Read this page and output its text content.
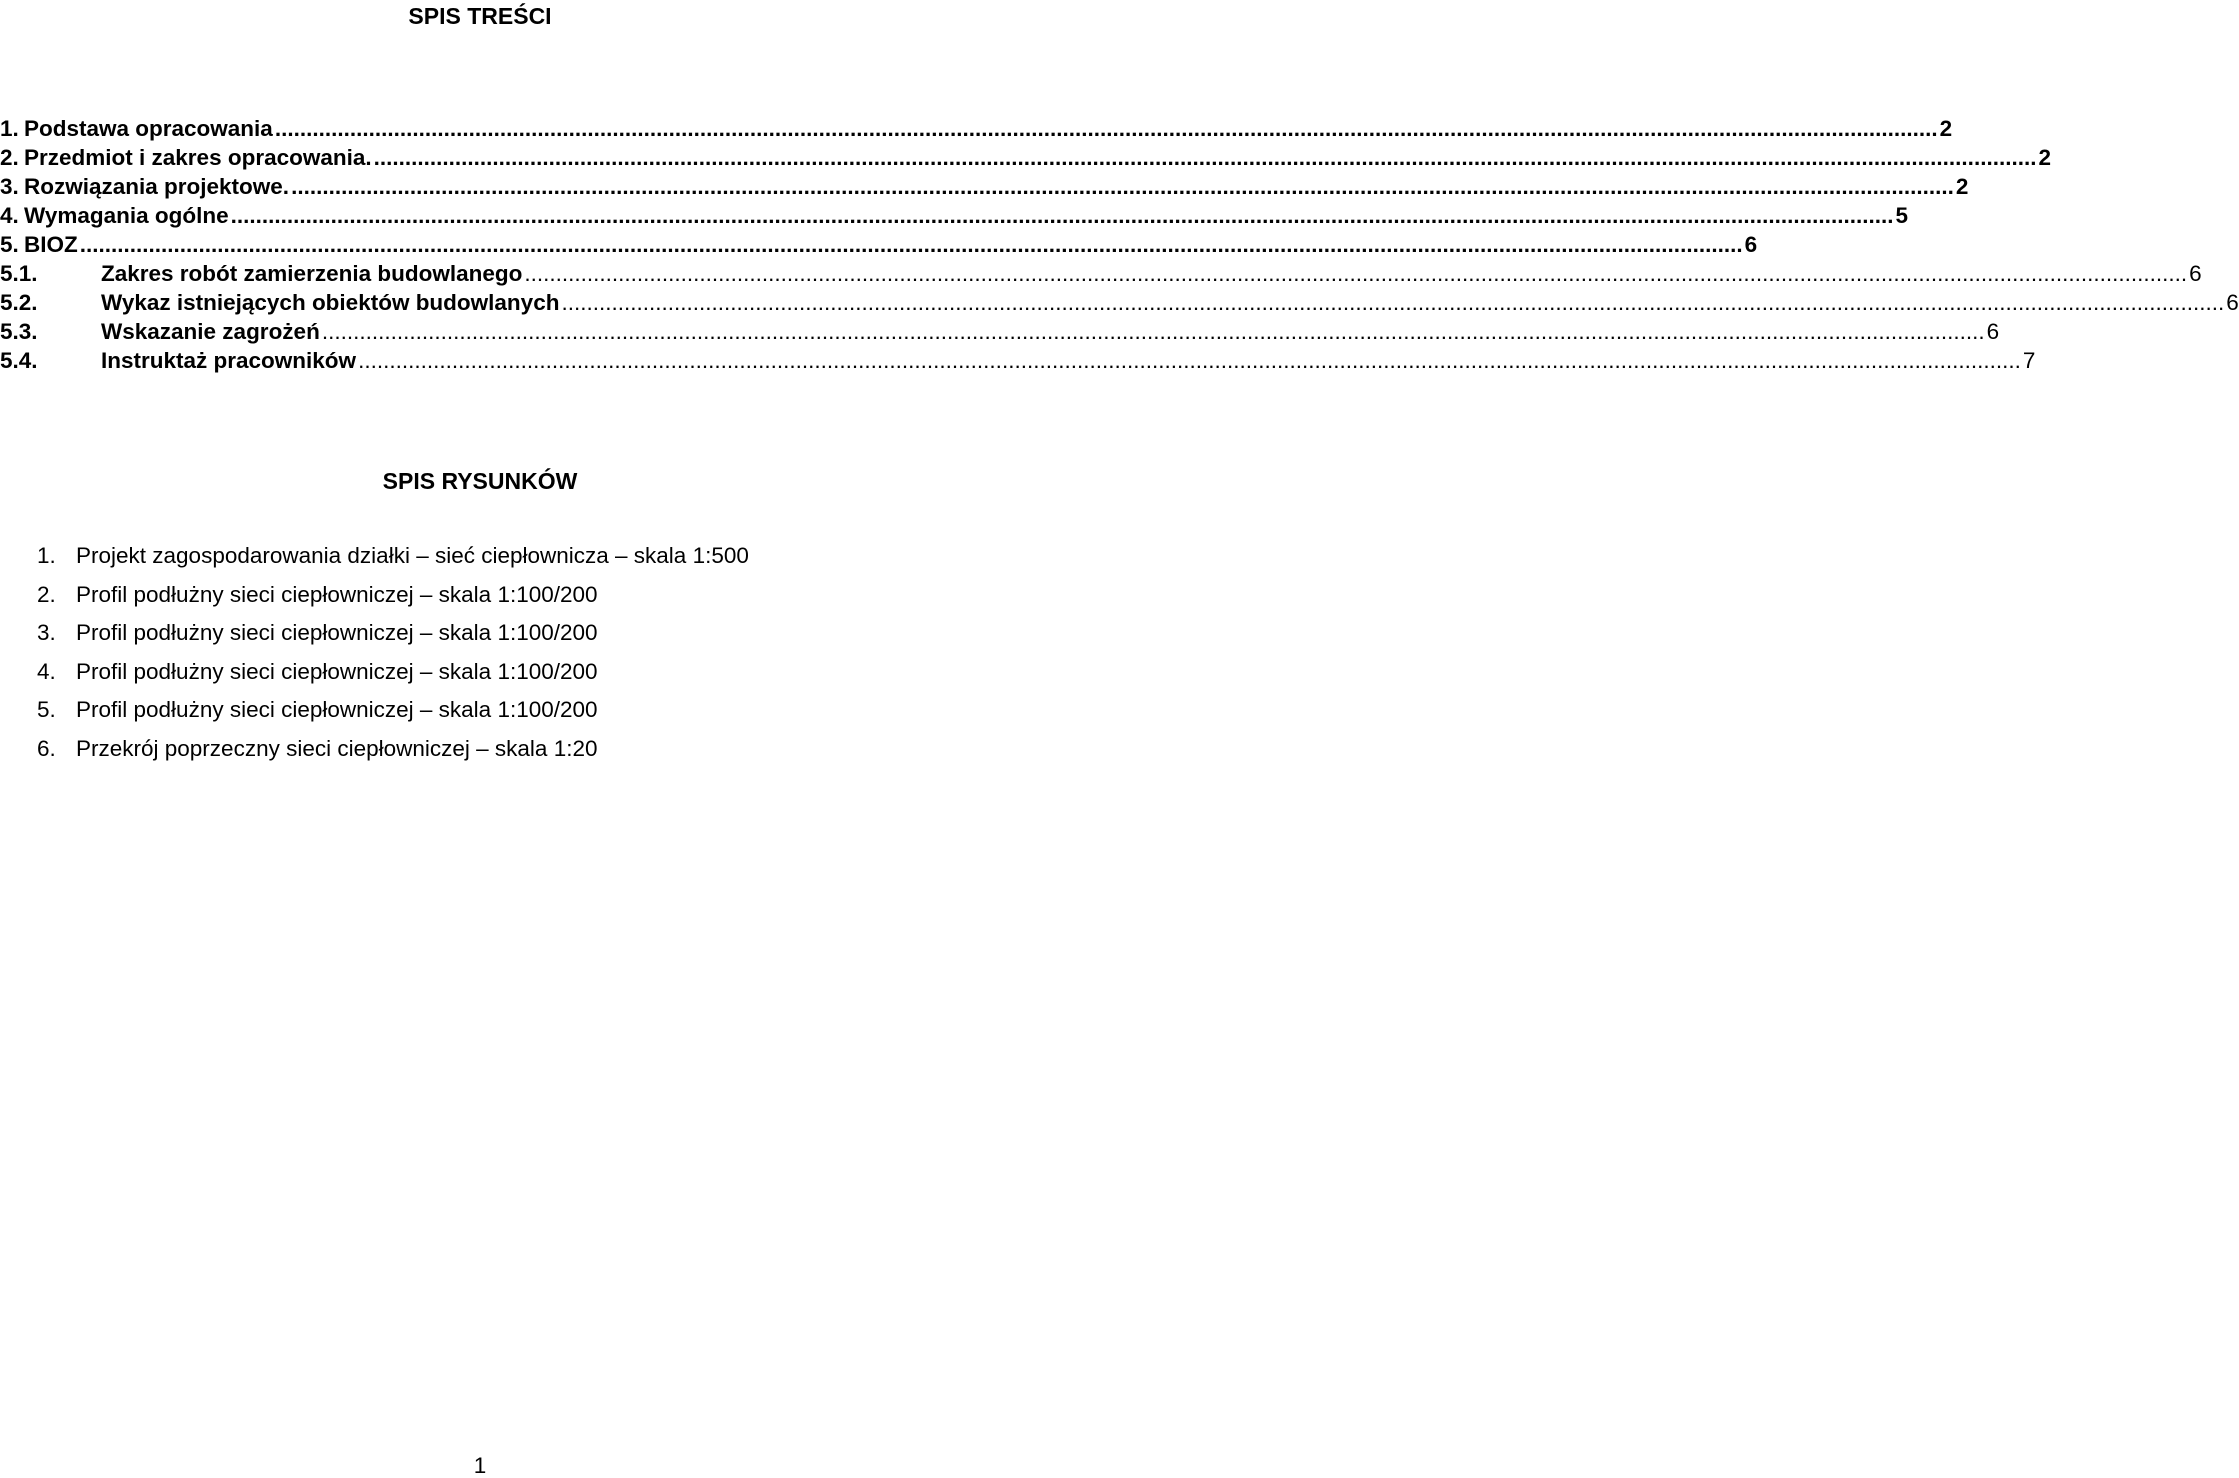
SPIS TREŚCI
1. Podstawa opracowania .....	2
2. Przedmiot i zakres opracowania. .....	2
3. Rozwiązania projektowe. .....	2
4. Wymagania ogólne .....	5
5. BIOZ .....	6
5.1.	Zakres robót zamierzenia budowlanego .....	6
5.2.	Wykaz istniejących obiektów budowlanych .....	6
5.3.	Wskazanie zagrożeń .....	6
5.4.	Instruktaż pracowników .....	7
SPIS RYSUNKÓW
1. Projekt zagospodarowania działki – sieć ciepłownicza – skala 1:500
2. Profil podłużny sieci ciepłowniczej – skala 1:100/200
3. Profil podłużny sieci ciepłowniczej – skala 1:100/200
4. Profil podłużny sieci ciepłowniczej – skala 1:100/200
5. Profil podłużny sieci ciepłowniczej – skala 1:100/200
6. Przekrój poprzeczny sieci ciepłowniczej – skala 1:20
1
